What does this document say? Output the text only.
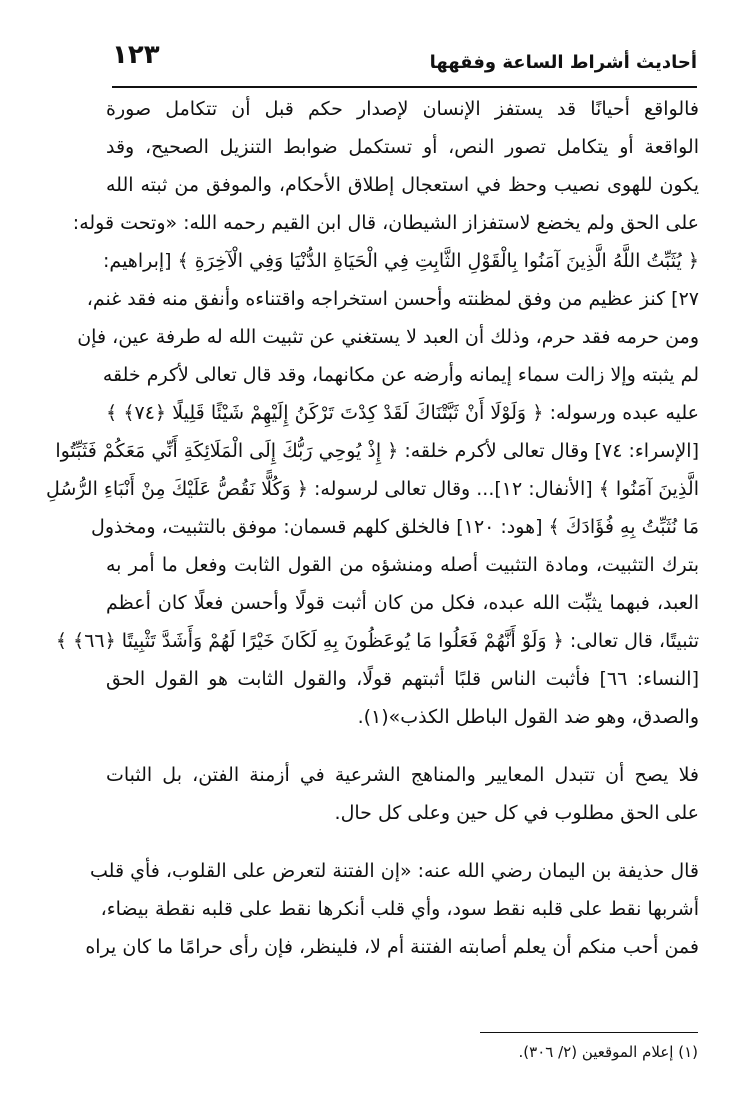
أحاديث أشراط الساعة وفقهها
١٢٣
فالواقع أحيانًا قد يستفز الإنسان لإصدار حكم قبل أن تتكامل صورة
الواقعة أو يتكامل تصور النص، أو تستكمل ضوابط التنزيل الصحيح، وقد
يكون للهوى نصيب وحظ في استعجال إطلاق الأحكام، والموفق من ثبته الله
على الحق ولم يخضع لاستفزاز الشيطان، قال ابن القيم رحمه الله: «وتحت قوله:
﴿ يُثَبِّتُ اللَّهُ الَّذِينَ آمَنُوا بِالْقَوْلِ الثَّابِتِ فِي الْحَيَاةِ الدُّنْيَا وَفِي الْآخِرَةِ ﴾ [إبراهيم:
٢٧] كنز عظيم من وفق لمظنته وأحسن استخراجه واقتناءه وأنفق منه فقد غنم،
ومن حرمه فقد حرم، وذلك أن العبد لا يستغني عن تثبيت الله له طرفة عين، فإن
لم يثبته وإلا زالت سماء إيمانه وأرضه عن مكانهما، وقد قال تعالى لأكرم خلقه
عليه عبده ورسوله: ﴿ وَلَوْلَا أَنْ ثَبَّتْنَاكَ لَقَدْ كِدْتَ تَرْكَنُ إِلَيْهِمْ شَيْئًا قَلِيلًا ﴿٧٤﴾ ﴾
[الإسراء: ٧٤] وقال تعالى لأكرم خلقه: ﴿ إِذْ يُوحِي رَبُّكَ إِلَى الْمَلَائِكَةِ أَنِّي مَعَكُمْ فَثَبِّتُوا
الَّذِينَ آمَنُوا ﴾ [الأنفال: ١٢]... وقال تعالى لرسوله: ﴿ وَكُلًّا نَقُصُّ عَلَيْكَ مِنْ أَنْبَاءِ الرُّسُلِ
مَا نُثَبِّتُ بِهِ فُؤَادَكَ ﴾ [هود: ١٢٠] فالخلق كلهم قسمان: موفق بالتثبيت، ومخذول
بترك التثبيت، ومادة التثبيت أصله ومنشؤه من القول الثابت وفعل ما أمر به
العبد، فبهما يثبِّت الله عبده، فكل من كان أثبت قولًا وأحسن فعلًا كان أعظم
تثبيتًا، قال تعالى: ﴿ وَلَوْ أَنَّهُمْ فَعَلُوا مَا يُوعَظُونَ بِهِ لَكَانَ خَيْرًا لَهُمْ وَأَشَدَّ تَثْبِيتًا ﴿٦٦﴾ ﴾
[النساء: ٦٦] فأثبت الناس قلبًا أثبتهم قولًا، والقول الثابت هو القول الحق
والصدق، وهو ضد القول الباطل الكذب»(١).
فلا يصح أن تتبدل المعايير والمناهج الشرعية في أزمنة الفتن، بل الثبات
على الحق مطلوب في كل حين وعلى كل حال.
قال حذيفة بن اليمان رضي الله عنه: «إن الفتنة لتعرض على القلوب، فأي قلب
أشربها نقط على قلبه نقط سود، وأي قلب أنكرها نقط على قلبه نقطة بيضاء،
فمن أحب منكم أن يعلم أصابته الفتنة أم لا، فلينظر، فإن رأى حرامًا ما كان يراه
(١) إعلام الموقعين (٢/ ٣٠٦).
